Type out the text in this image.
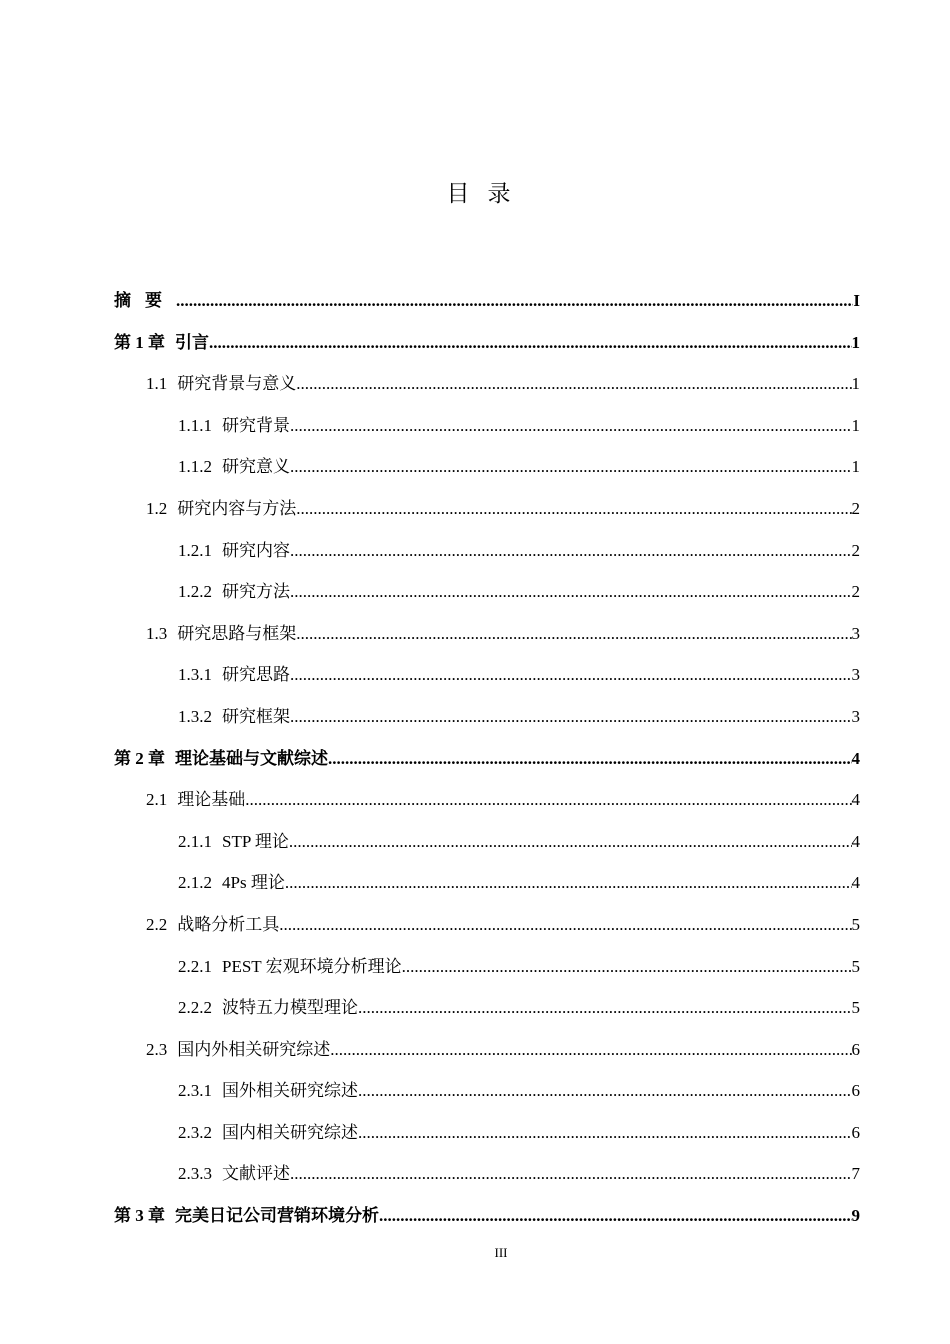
目录
摘要 .....	I
第 1 章 引言 .....	1
1.1 研究背景与意义 .....	1
1.1.1 研究背景 .....	1
1.1.2 研究意义 .....	1
1.2 研究内容与方法 .....	2
1.2.1 研究内容 .....	2
1.2.2 研究方法 .....	2
1.3 研究思路与框架 .....	3
1.3.1 研究思路 .....	3
1.3.2 研究框架 .....	3
第 2 章 理论基础与文献综述 .....	4
2.1 理论基础 .....	4
2.1.1 STP 理论 .....	4
2.1.2 4Ps 理论 .....	4
2.2 战略分析工具 .....	5
2.2.1 PEST 宏观环境分析理论 .....	5
2.2.2 波特五力模型理论 .....	5
2.3 国内外相关研究综述 .....	6
2.3.1 国外相关研究综述 .....	6
2.3.2 国内相关研究综述 .....	6
2.3.3 文献评述 .....	7
第 3 章 完美日记公司营销环境分析 .....	9
III
